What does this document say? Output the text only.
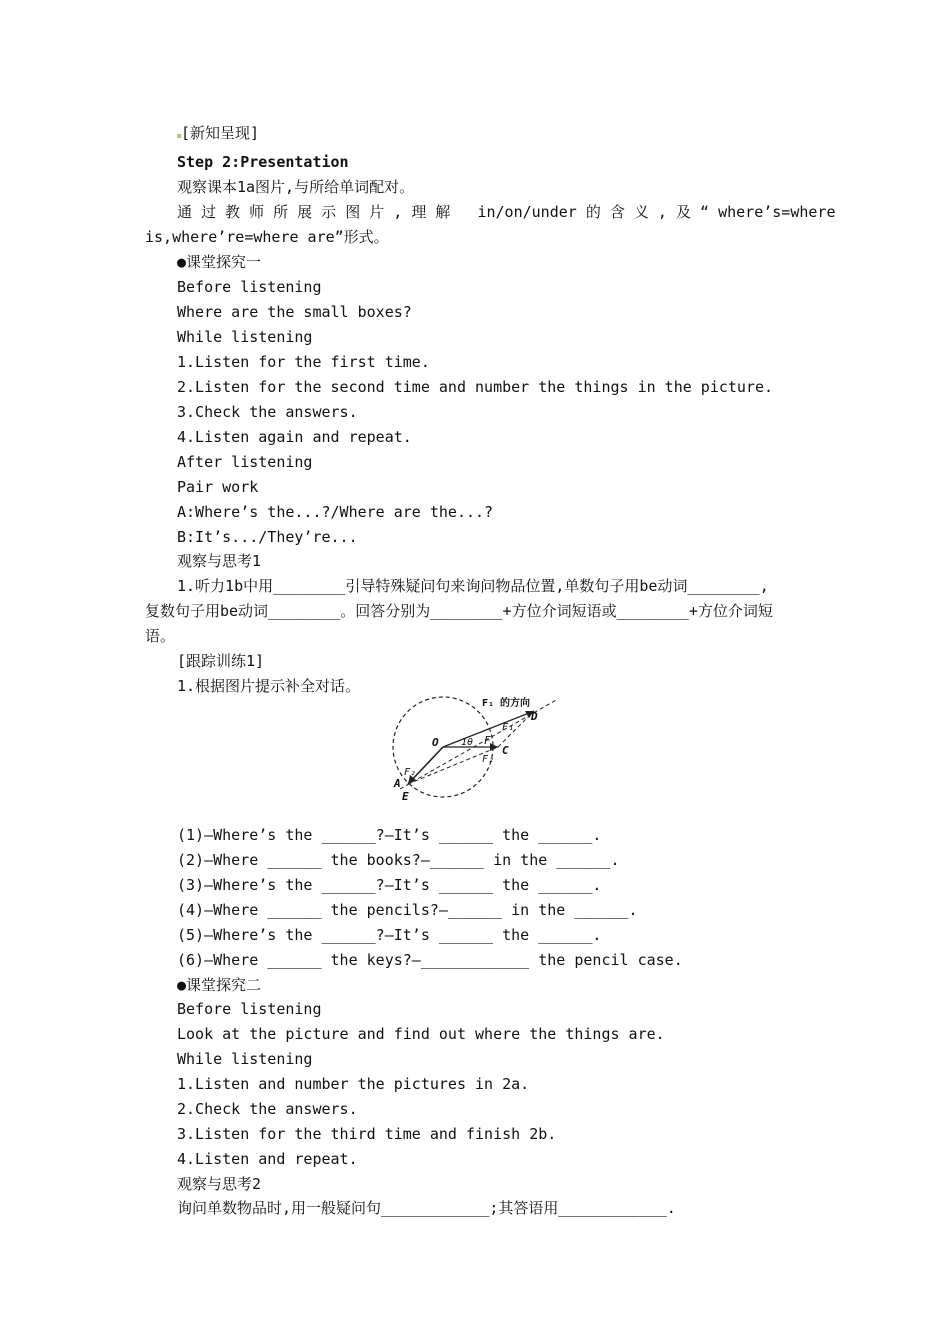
[新知呈现]
Step 2:Presentation
观察课本1a图片,与所给单词配对。
通 过 教 师 所 展 示 图 片 , 理 解   in/on/under 的 含 义 , 及 “ where’s=where
is,where’re=where are”形式。
●课堂探究一
Before listening
Where are the small boxes?
While listening
1.Listen for the first time.
2.Listen for the second time and number the things in the picture.
3.Check the answers.
4.Listen again and repeat.
After listening
Pair work
A:Where’s the...?/Where are the...?
B:It’s.../They’re...
观察与思考1
1.听力1b中用________引导特殊疑问句来询问物品位置,单数句子用be动词________,
复数句子用be动词________。回答分别为________+方位介词短语或________+方位介词短
语。
[跟踪训练1]
1.根据图片提示补全对话。
F₁ 的方向
D
F₁
O 1θ F
C
F₂
F₂
A
E
(1)—Where’s the ______?—It’s ______ the ______.
(2)—Where ______ the books?—______ in the ______.
(3)—Where’s the ______?—It’s ______ the ______.
(4)—Where ______ the pencils?—______ in the ______.
(5)—Where’s the ______?—It’s ______ the ______.
(6)—Where ______ the keys?—____________ the pencil case.
●课堂探究二
Before listening
Look at the picture and find out where the things are.
While listening
1.Listen and number the pictures in 2a.
2.Check the answers.
3.Listen for the third time and finish 2b.
4.Listen and repeat.
观察与思考2
询问单数物品时,用一般疑问句____________;其答语用____________.
